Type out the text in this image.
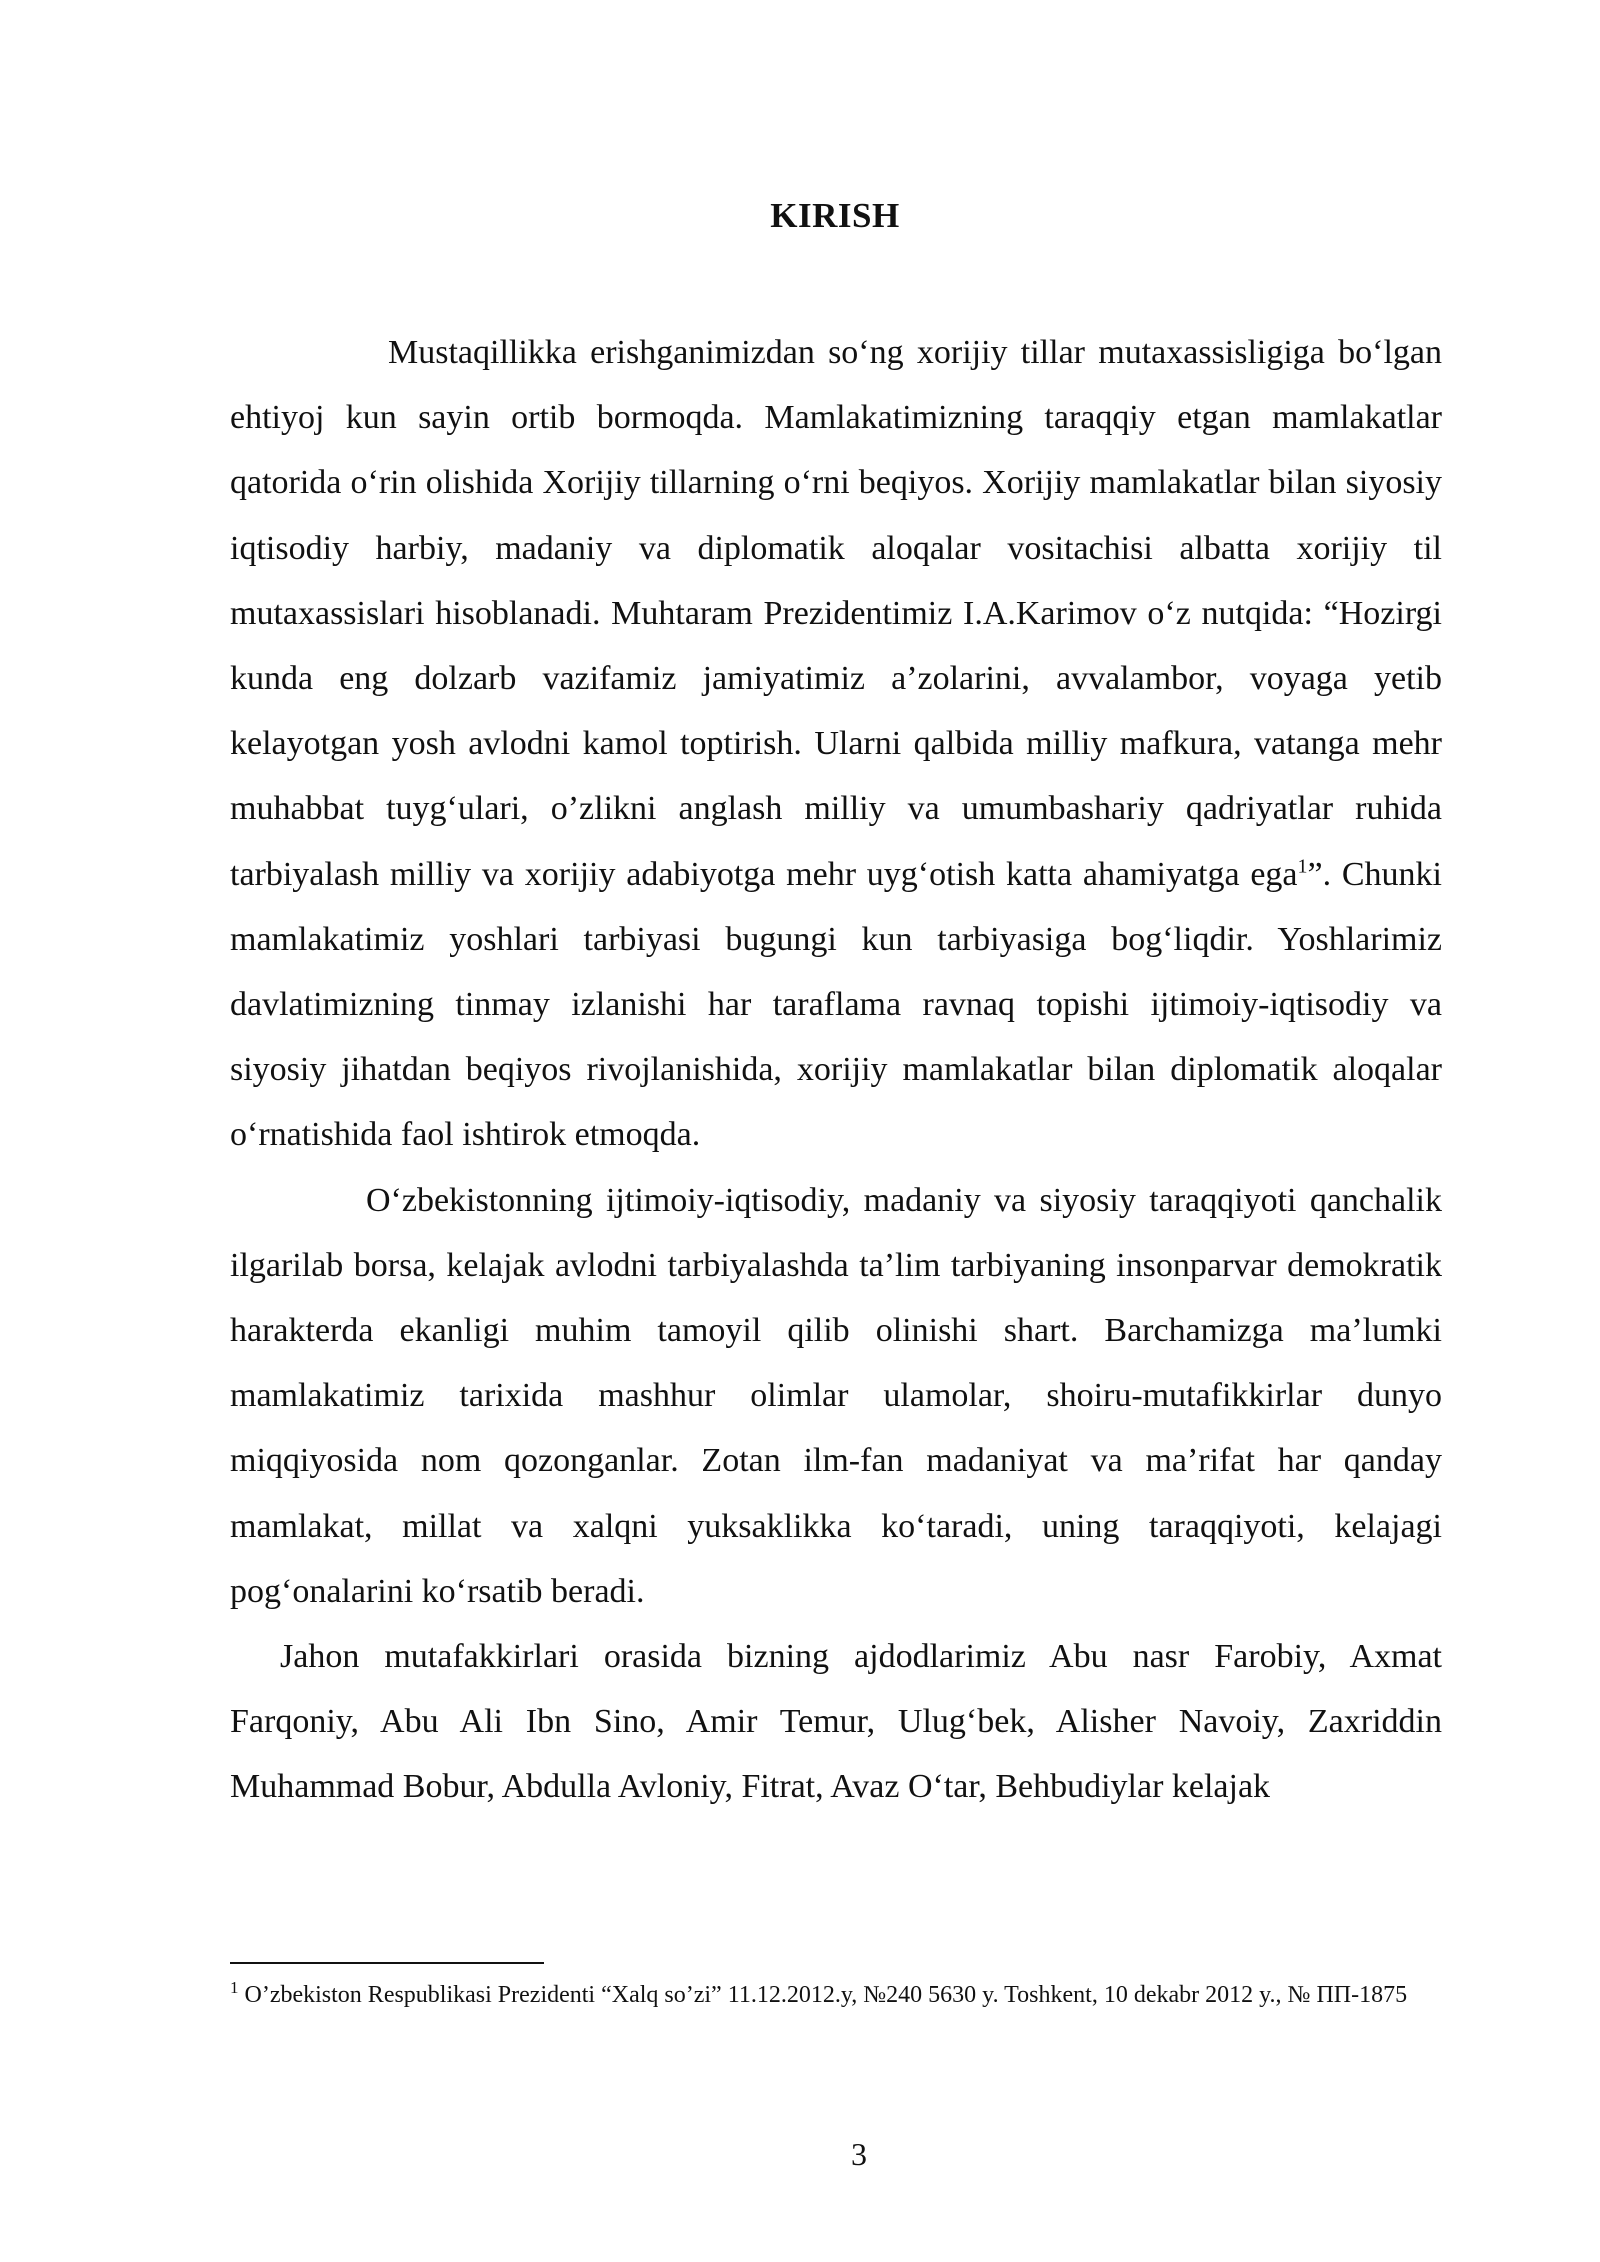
KIRISH

Mustaqillikka erishganimizdan so‘ng xorijiy tillar mutaxassisligiga bo‘lgan ehtiyoj kun sayin ortib bormoqda. Mamlakatimizning taraqqiy etgan mamlakatlar qatorida o‘rin olishida Xorijiy tillarning o‘rni beqiyos. Xorijiy mamlakatlar bilan siyosiy iqtisodiy harbiy, madaniy va diplomatik aloqalar vositachisi albatta xorijiy til mutaxassislari hisoblanadi. Muhtaram Prezidentimiz I.A.Karimov o‘z nutqida: “Hozirgi kunda eng dolzarb vazifamiz jamiyatimiz a’zolarini, avvalambor, voyaga yetib kelayotgan yosh avlodni kamol toptirish. Ularni qalbida milliy mafkura, vatanga mehr muhabbat tuyg‘ulari, o’zlikni anglash milliy va umumbashariy qadriyatlar ruhida tarbiyalash milliy va xorijiy adabiyotga mehr uyg‘otish katta ahamiyatga ega$^1$”. Chunki mamlakatimiz yoshlari tarbiyasi bugungi kun tarbiyasiga bog‘liqdir. Yoshlarimiz davlatimizning tinmay izlanishi har taraflama ravnaq topishi ijtimoiy-iqtisodiy va siyosiy jihatdan beqiyos rivojlanishida, xorijiy mamlakatlar bilan diplomatik aloqalar o‘rnatishida faol ishtirok etmoqda.

O‘zbekistonning ijtimoiy-iqtisodiy, madaniy va siyosiy taraqqiyoti qanchalik ilgarilab borsa, kelajak avlodni tarbiyalashda ta’lim tarbiyaning insonparvar demokratik harakterda ekanligi muhim tamoyil qilib olinishi shart. Barchamizga ma’lumki mamlakatimiz tarixida mashhur olimlar ulamolar, shoiru-mutafikkirlar dunyo miqqiyosida nom qozonganlar. Zotan ilm-fan madaniyat va ma’rifat har qanday mamlakat, millat va xalqni yuksaklikka ko‘taradi, uning taraqqiyoti, kelajagi pog‘onalarini ko‘rsatib beradi.

Jahon mutafakkirlari orasida bizning ajdodlarimiz Abu nasr Farobiy, Axmat Farqoniy, Abu Ali Ibn Sino, Amir Temur, Ulug‘bek, Alisher Navoiy, Zaxriddin Muhammad Bobur, Abdulla Avloniy, Fitrat, Avaz O‘tar, Behbudiylar kelajak

$^1$ O’zbekiston Respublikasi Prezidenti “Xalq so’zi” 11.12.2012.y, №240 5630 y. Toshkent, 10 dekabr 2012 y., № ПП-1875
3
